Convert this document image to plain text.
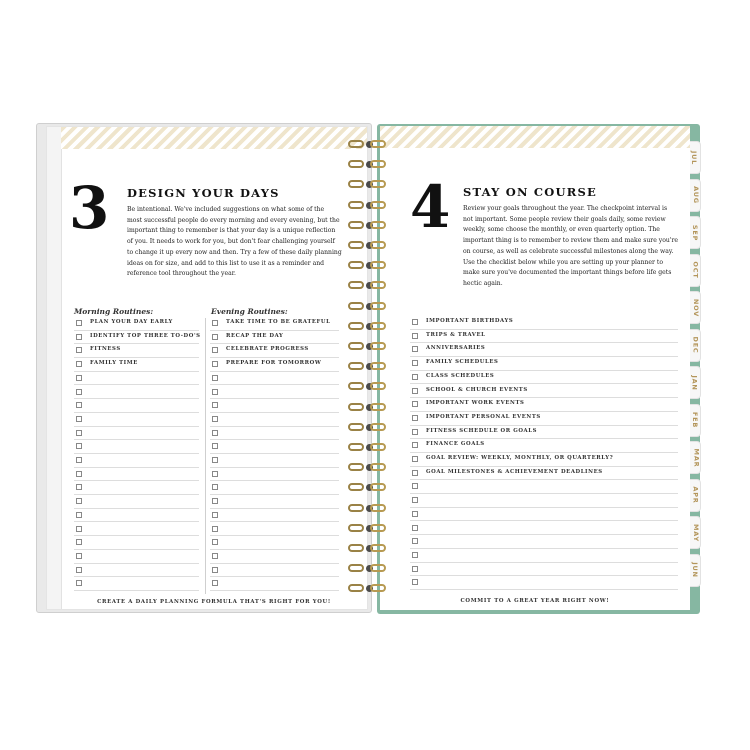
JUL
AUG
SEP
OCT
NOV
DEC
JAN
FEB
MAR
APR
MAY
JUN
3 DESIGN YOUR DAYS
Be intentional. We've included suggestions on what some of the
most successful people do every morning and every evening, but the
important thing to remember is that your day is a unique reflection
of you. It needs to work for you, but don't fear challenging yourself
to change it up every now and then. Try a few of these daily planning
ideas on for size, and add to this list to use it as a reminder and
reference tool throughout the year.
Morning Routines:	Evening Routines:
PLAN YOUR DAY EARLY	TAKE TIME TO BE GRATEFUL
IDENTIFY TOP THREE TO-DO'S	RECAP THE DAY
FITNESS	CELEBRATE PROGRESS
FAMILY TIME	PREPARE FOR TOMORROW
CREATE A DAILY PLANNING FORMULA THAT'S RIGHT FOR YOU!
4 STAY ON COURSE
Review your goals throughout the year. The checkpoint interval is
not important. Some people review their goals daily, some review
weekly, some choose the monthly, or even quarterly option. The
important thing is to remember to review them and make sure you're
on course, as well as celebrate successful milestones along the way.
Use the checklist below while you are setting up your planner to
make sure you've documented the important things before life gets
hectic again.
IMPORTANT BIRTHDAYS
TRIPS & TRAVEL
ANNIVERSARIES
FAMILY SCHEDULES
CLASS SCHEDULES
SCHOOL & CHURCH EVENTS
IMPORTANT WORK EVENTS
IMPORTANT PERSONAL EVENTS
FITNESS SCHEDULE OR GOALS
FINANCE GOALS
GOAL REVIEW: WEEKLY, MONTHLY, OR QUARTERLY?
GOAL MILESTONES & ACHIEVEMENT DEADLINES
COMMIT TO A GREAT YEAR RIGHT NOW!
